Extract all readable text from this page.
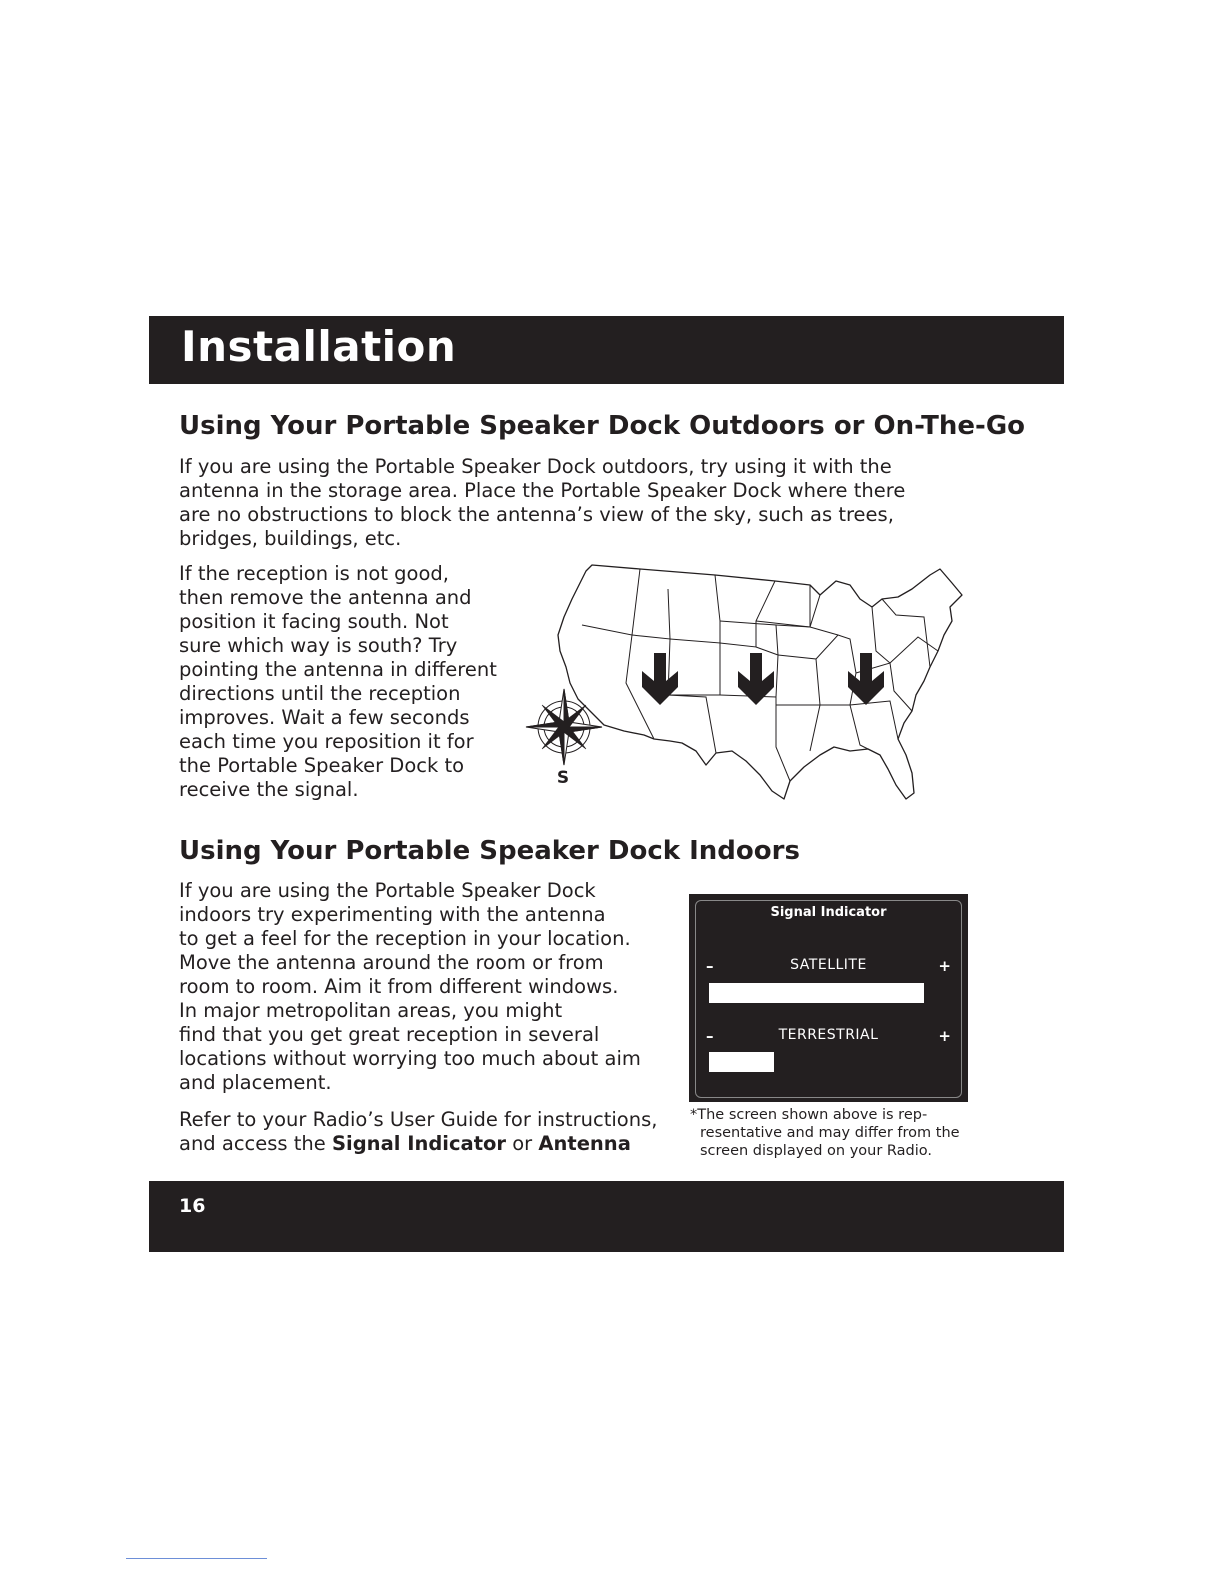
Installation
Using Your Portable Speaker Dock Outdoors or On-The-Go

If you are using the Portable Speaker Dock outdoors, try using it with the
antenna in the storage area. Place the Portable Speaker Dock where there
are no obstructions to block the antenna’s view of the sky, such as trees,
bridges, buildings, etc.

If the reception is not good,
then remove the antenna and
position it facing south. Not
sure which way is south? Try
pointing the antenna in different
directions until the reception
improves. Wait a few seconds
each time you reposition it for
the Portable Speaker Dock to
receive the signal.	S
Using Your Portable Speaker Dock Indoors

If you are using the Portable Speaker Dock
indoors try experimenting with the antenna
to get a feel for the reception in your location.
Move the antenna around the room or from
room to room. Aim it from different windows.
In major metropolitan areas, you might
find that you get great reception in several
locations without worrying too much about aim
and placement.

Refer to your Radio’s User Guide for instructions,
and access the Signal Indicator or Antenna

Signal Indicator
–	SATELLITE	+
–	TERRESTRIAL	+

*The screen shown above is rep-
resentative and may differ from the
screen displayed on your Radio.

16
